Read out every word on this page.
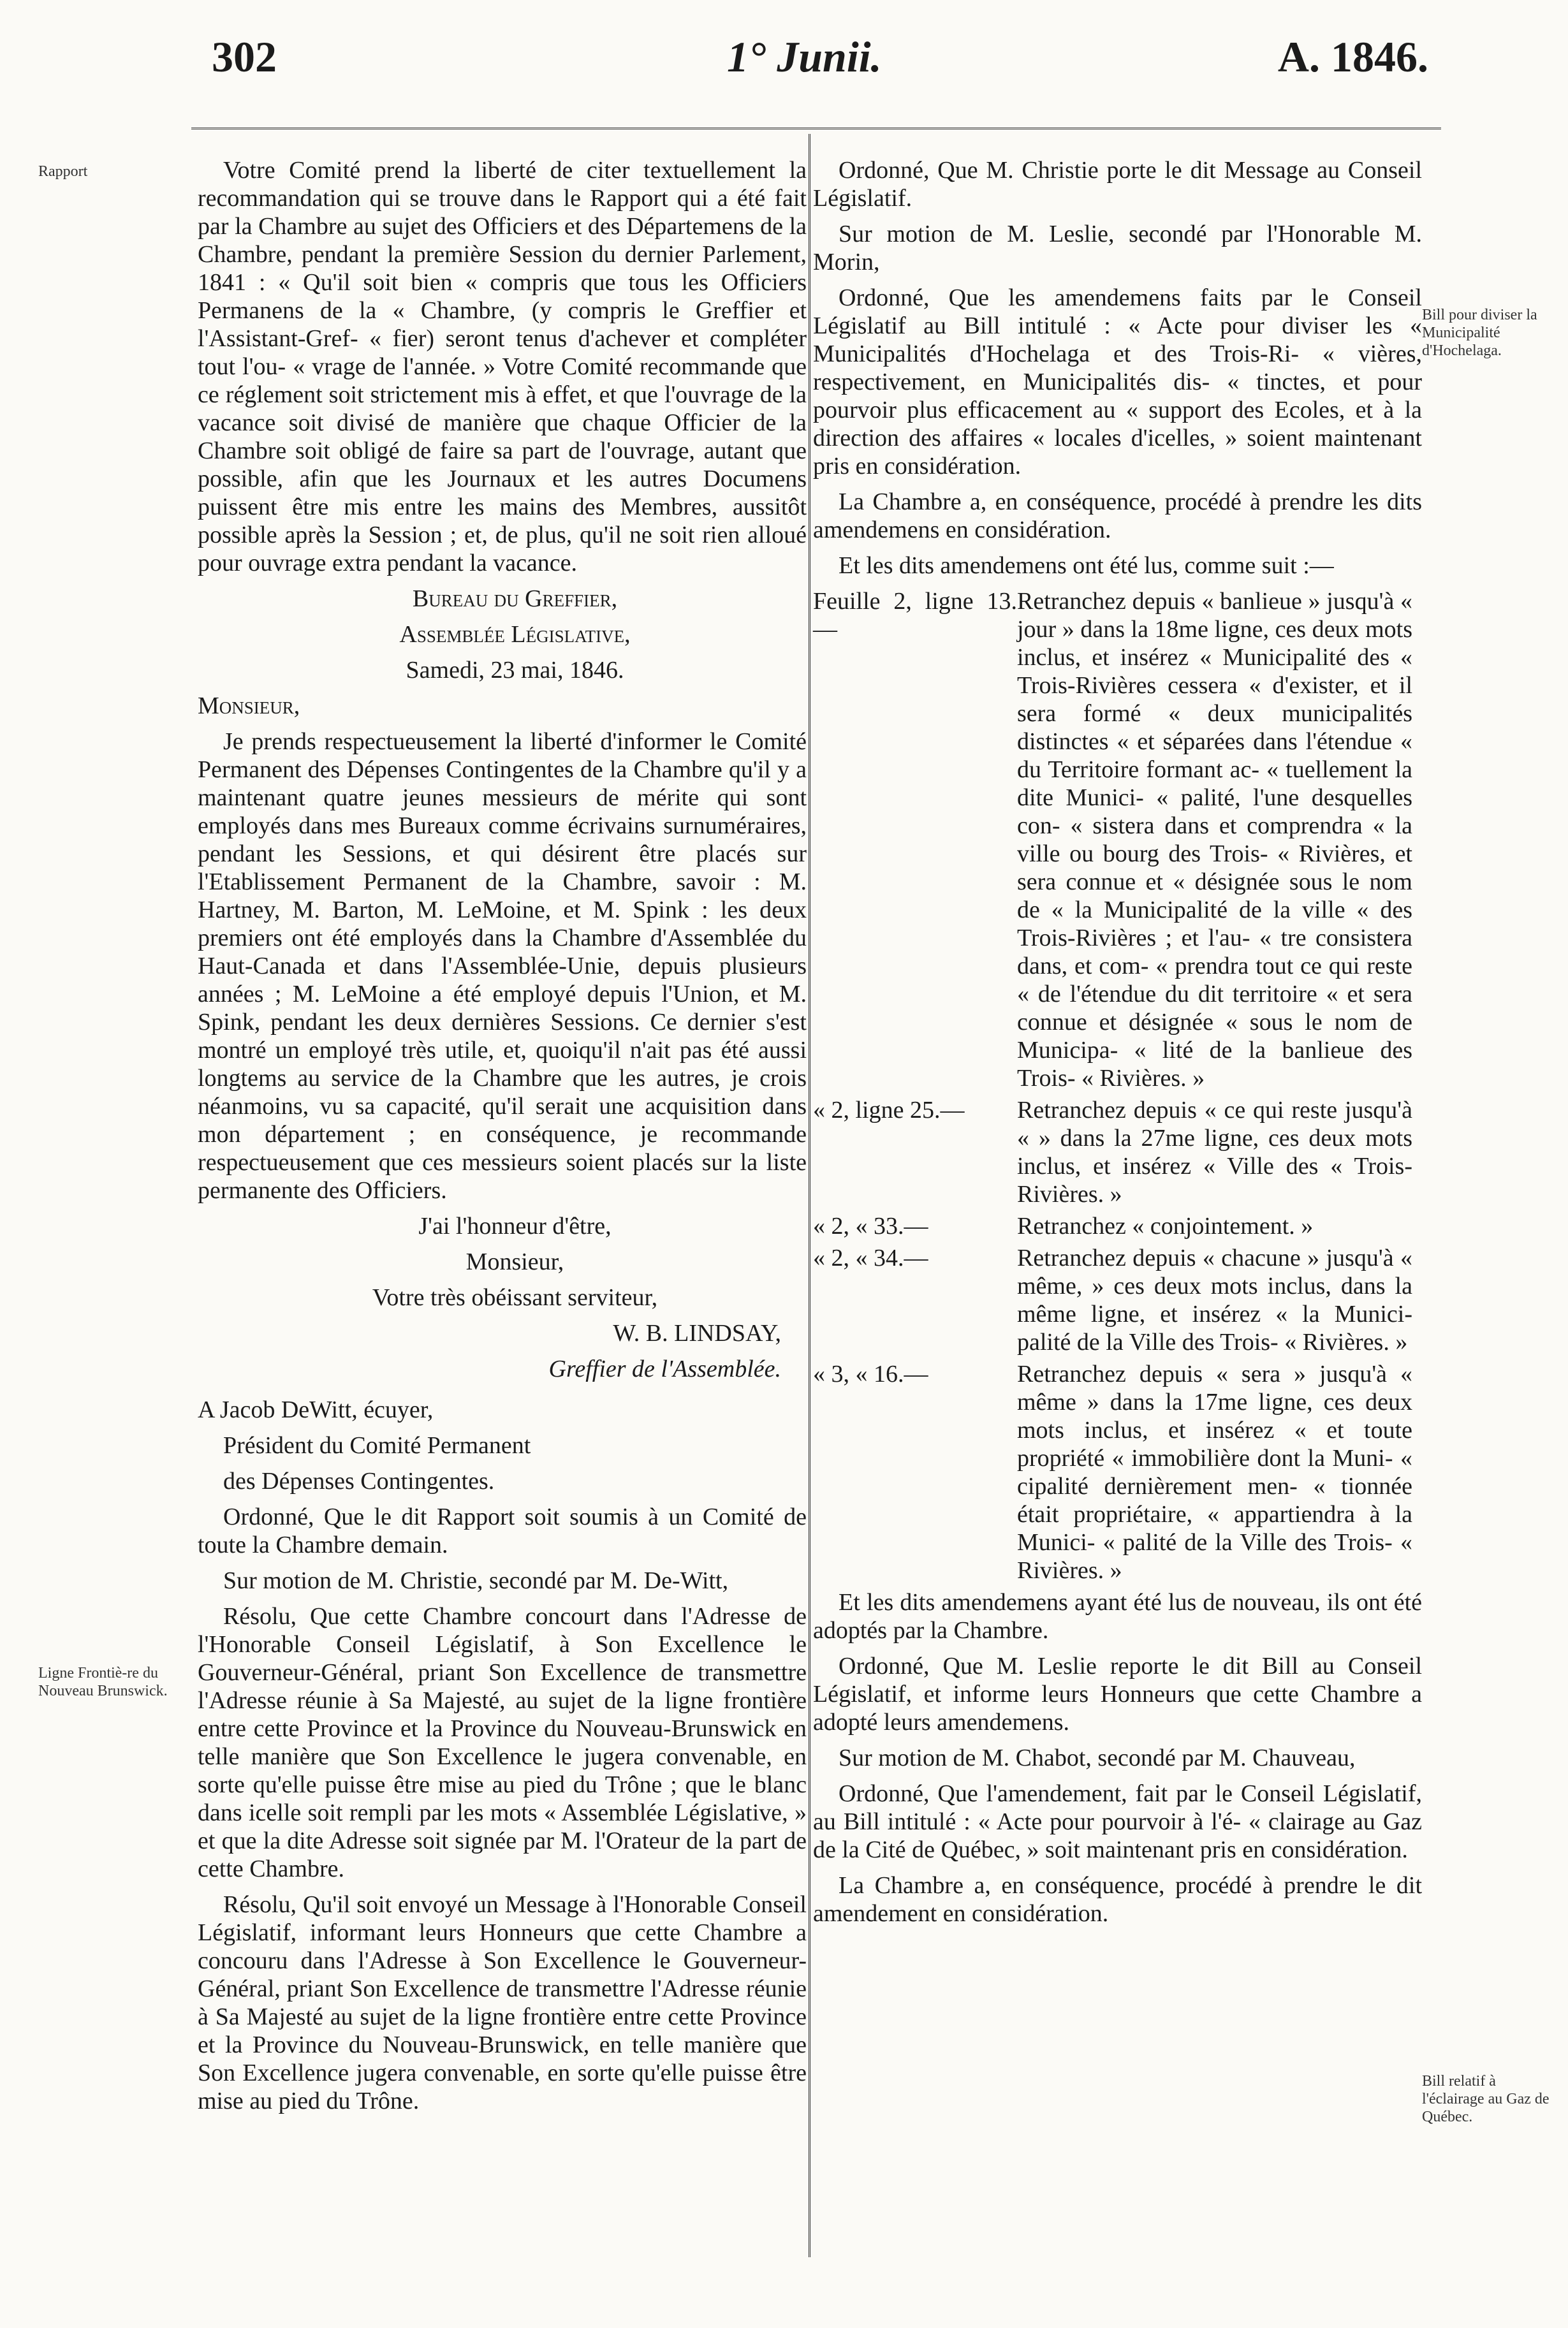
302	1° Junii.	A. 1846.
Rapport
Ligne Frontiè-re du Nouveau Brunswick.
Bill pour diviser la Municipalité d'Hochelaga.
Bill relatif à l'éclairage au Gaz de Québec.

Votre Comité prend la liberté de citer textuellement la recommandation qui se trouve dans le Rapport qui a été fait par la Chambre au sujet des Officiers et des Départemens de la Chambre, pendant la première Session du dernier Parlement, 1841 : « Qu'il soit bien « compris que tous les Officiers Permanens de la « Chambre, (y compris le Greffier et l'Assistant-Gref- « fier) seront tenus d'achever et compléter tout l'ou- « vrage de l'année. » Votre Comité recommande que ce réglement soit strictement mis à effet, et que l'ouvrage de la vacance soit divisé de manière que chaque Officier de la Chambre soit obligé de faire sa part de l'ouvrage, autant que possible, afin que les Journaux et les autres Documens puissent être mis entre les mains des Membres, aussitôt possible après la Session ; et, de plus, qu'il ne soit rien alloué pour ouvrage extra pendant la vacance.

Bureau du Greffier,

Assemblée Législative,

Samedi, 23 mai, 1846.

Monsieur,

Je prends respectueusement la liberté d'informer le Comité Permanent des Dépenses Contingentes de la Chambre qu'il y a maintenant quatre jeunes messieurs de mérite qui sont employés dans mes Bureaux comme écrivains surnuméraires, pendant les Sessions, et qui désirent être placés sur l'Etablissement Permanent de la Chambre, savoir : M. Hartney, M. Barton, M. LeMoine, et M. Spink : les deux premiers ont été employés dans la Chambre d'Assemblée du Haut-Canada et dans l'Assemblée-Unie, depuis plusieurs années ; M. LeMoine a été employé depuis l'Union, et M. Spink, pendant les deux dernières Sessions. Ce dernier s'est montré un employé très utile, et, quoiqu'il n'ait pas été aussi longtems au service de la Chambre que les autres, je crois néanmoins, vu sa capacité, qu'il serait une acquisition dans mon département ; en conséquence, je recommande respectueusement que ces messieurs soient placés sur la liste permanente des Officiers.

J'ai l'honneur d'être,

Monsieur,

Votre très obéissant serviteur,

W. B. LINDSAY,

Greffier de l'Assemblée.

A Jacob DeWitt, écuyer,

Président du Comité Permanent

des Dépenses Contingentes.

Ordonné, Que le dit Rapport soit soumis à un Comité de toute la Chambre demain.

Sur motion de M. Christie, secondé par M. De-Witt,

Résolu, Que cette Chambre concourt dans l'Adresse de l'Honorable Conseil Législatif, à Son Excellence le Gouverneur-Général, priant Son Excellence de transmettre l'Adresse réunie à Sa Majesté, au sujet de la ligne frontière entre cette Province et la Province du Nouveau-Brunswick en telle manière que Son Excellence le jugera convenable, en sorte qu'elle puisse être mise au pied du Trône ; que le blanc dans icelle soit rempli par les mots « Assemblée Législative, » et que la dite Adresse soit signée par M. l'Orateur de la part de cette Chambre.

Résolu, Qu'il soit envoyé un Message à l'Honorable Conseil Législatif, informant leurs Honneurs que cette Chambre a concouru dans l'Adresse à Son Excellence le Gouverneur-Général, priant Son Excellence de transmettre l'Adresse réunie à Sa Majesté au sujet de la ligne frontière entre cette Province et la Province du Nouveau-Brunswick, en telle manière que Son Excellence jugera convenable, en sorte qu'elle puisse être mise au pied du Trône.

Ordonné, Que M. Christie porte le dit Message au Conseil Législatif.

Sur motion de M. Leslie, secondé par l'Honorable M. Morin,

Ordonné, Que les amendemens faits par le Conseil Législatif au Bill intitulé : « Acte pour diviser les « Municipalités d'Hochelaga et des Trois-Ri- « vières, respectivement, en Municipalités dis- « tinctes, et pour pourvoir plus efficacement au « support des Ecoles, et à la direction des affaires « locales d'icelles, » soient maintenant pris en considération.

La Chambre a, en conséquence, procédé à prendre les dits amendemens en considération.

Et les dits amendemens ont été lus, comme suit :—

Feuille 2, ligne 13.—Retranchez depuis « banlieue » jusqu'à « jour » dans la 18me ligne, ces deux mots inclus, et insérez « Municipalité des « Trois-Rivières cessera « d'exister, et il sera formé « deux municipalités distinctes « et séparées dans l'étendue « du Territoire formant ac- « tuellement la dite Munici- « palité, l'une desquelles con- « sistera dans et comprendra « la ville ou bourg des Trois- « Rivières, et sera connue et « désignée sous le nom de « la Municipalité de la ville « des Trois-Rivières ; et l'au- « tre consistera dans, et com- « prendra tout ce qui reste « de l'étendue du dit territoire « et sera connue et désignée « sous le nom de Municipa- « lité de la banlieue des Trois- « Rivières. »
« 2, ligne 25.— Retranchez depuis « ce qui reste jusqu'à « » dans la 27me ligne, ces deux mots inclus, et insérez « Ville des « Trois-Rivières. »
« 2, « 33.—	Retranchez « conjointement. »
« 2, « 34.—	Retranchez depuis « chacune » jusqu'à « même, » ces deux mots inclus, dans la même ligne, et insérez « la Munici- palité de la Ville des Trois- « Rivières. »
« 3, « 16.—	Retranchez depuis « sera » jusqu'à « même » dans la 17me ligne, ces deux mots inclus, et insérez « et toute propriété « immobilière dont la Muni- « cipalité dernièrement men- « tionnée était propriétaire, « appartiendra à la Munici- « palité de la Ville des Trois- « Rivières. »

Et les dits amendemens ayant été lus de nouveau, ils ont été adoptés par la Chambre.

Ordonné, Que M. Leslie reporte le dit Bill au Conseil Législatif, et informe leurs Honneurs que cette Chambre a adopté leurs amendemens.

Sur motion de M. Chabot, secondé par M. Chauveau,

Ordonné, Que l'amendement, fait par le Conseil Législatif, au Bill intitulé : « Acte pour pourvoir à l'é- « clairage au Gaz de la Cité de Québec, » soit maintenant pris en considération.

La Chambre a, en conséquence, procédé à prendre le dit amendement en considération.
